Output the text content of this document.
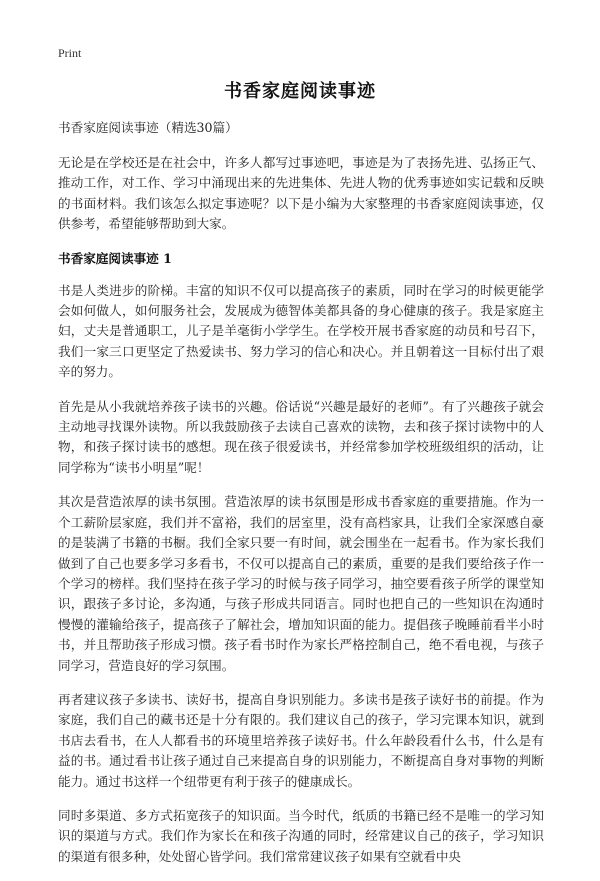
Print
书香家庭阅读事迹

书香家庭阅读事迹（精选30篇）

无论是在学校还是在社会中，许多人都写过事迹吧，事迹是为了表扬先进、弘扬正气、推动工作，对工作、学习中涌现出来的先进集体、先进人物的优秀事迹如实记载和反映的书面材料。我们该怎么拟定事迹呢？以下是小编为大家整理的书香家庭阅读事迹，仅供参考，希望能够帮助到大家。

书香家庭阅读事迹 1

书是人类进步的阶梯。丰富的知识不仅可以提高孩子的素质，同时在学习的时候更能学会如何做人，如何服务社会，发展成为德智体美都具备的身心健康的孩子。我是家庭主妇，丈夫是普通职工，儿子是羊毫街小学学生。在学校开展书香家庭的动员和号召下，我们一家三口更坚定了热爱读书、努力学习的信心和决心。并且朝着这一目标付出了艰辛的努力。

首先是从小我就培养孩子读书的兴趣。俗话说“兴趣是最好的老师”。有了兴趣孩子就会主动地寻找课外读物。所以我鼓励孩子去读自己喜欢的读物，去和孩子探讨读物中的人物，和孩子探讨读书的感想。现在孩子很爱读书，并经常参加学校班级组织的活动，让同学称为“读书小明星”呢！

其次是营造浓厚的读书氛围。营造浓厚的读书氛围是形成书香家庭的重要措施。作为一个工薪阶层家庭，我们并不富裕，我们的居室里，没有高档家具，让我们全家深感自豪的是装满了书籍的书橱。我们全家只要一有时间，就会围坐在一起看书。作为家长我们做到了自己也要多学习多看书，不仅可以提高自己的素质，重要的是我们要给孩子作一个学习的榜样。我们坚持在孩子学习的时候与孩子同学习，抽空要看孩子所学的课堂知识，跟孩子多讨论，多沟通，与孩子形成共同语言。同时也把自己的一些知识在沟通时慢慢的灌输给孩子，提高孩子了解社会，增加知识面的能力。提倡孩子晚睡前看半小时书，并且帮助孩子形成习惯。孩子看书时作为家长严格控制自己，绝不看电视，与孩子同学习，营造良好的学习氛围。

再者建议孩子多读书、读好书，提高自身识别能力。多读书是孩子读好书的前提。作为家庭，我们自己的藏书还是十分有限的。我们建议自己的孩子，学习完课本知识，就到书店去看书，在人人都看书的环境里培养孩子读好书。什么年龄段看什么书，什么是有益的书。通过看书让孩子通过自己来提高自身的识别能力，不断提高自身对事物的判断能力。通过书这样一个纽带更有利于孩子的健康成长。

同时多渠道、多方式拓宽孩子的知识面。当今时代，纸质的书籍已经不是唯一的学习知识的渠道与方式。我们作为家长在和孩子沟通的同时，经常建议自己的孩子，学习知识的渠道有很多种，处处留心皆学问。我们常常建议孩子如果有空就看中央
